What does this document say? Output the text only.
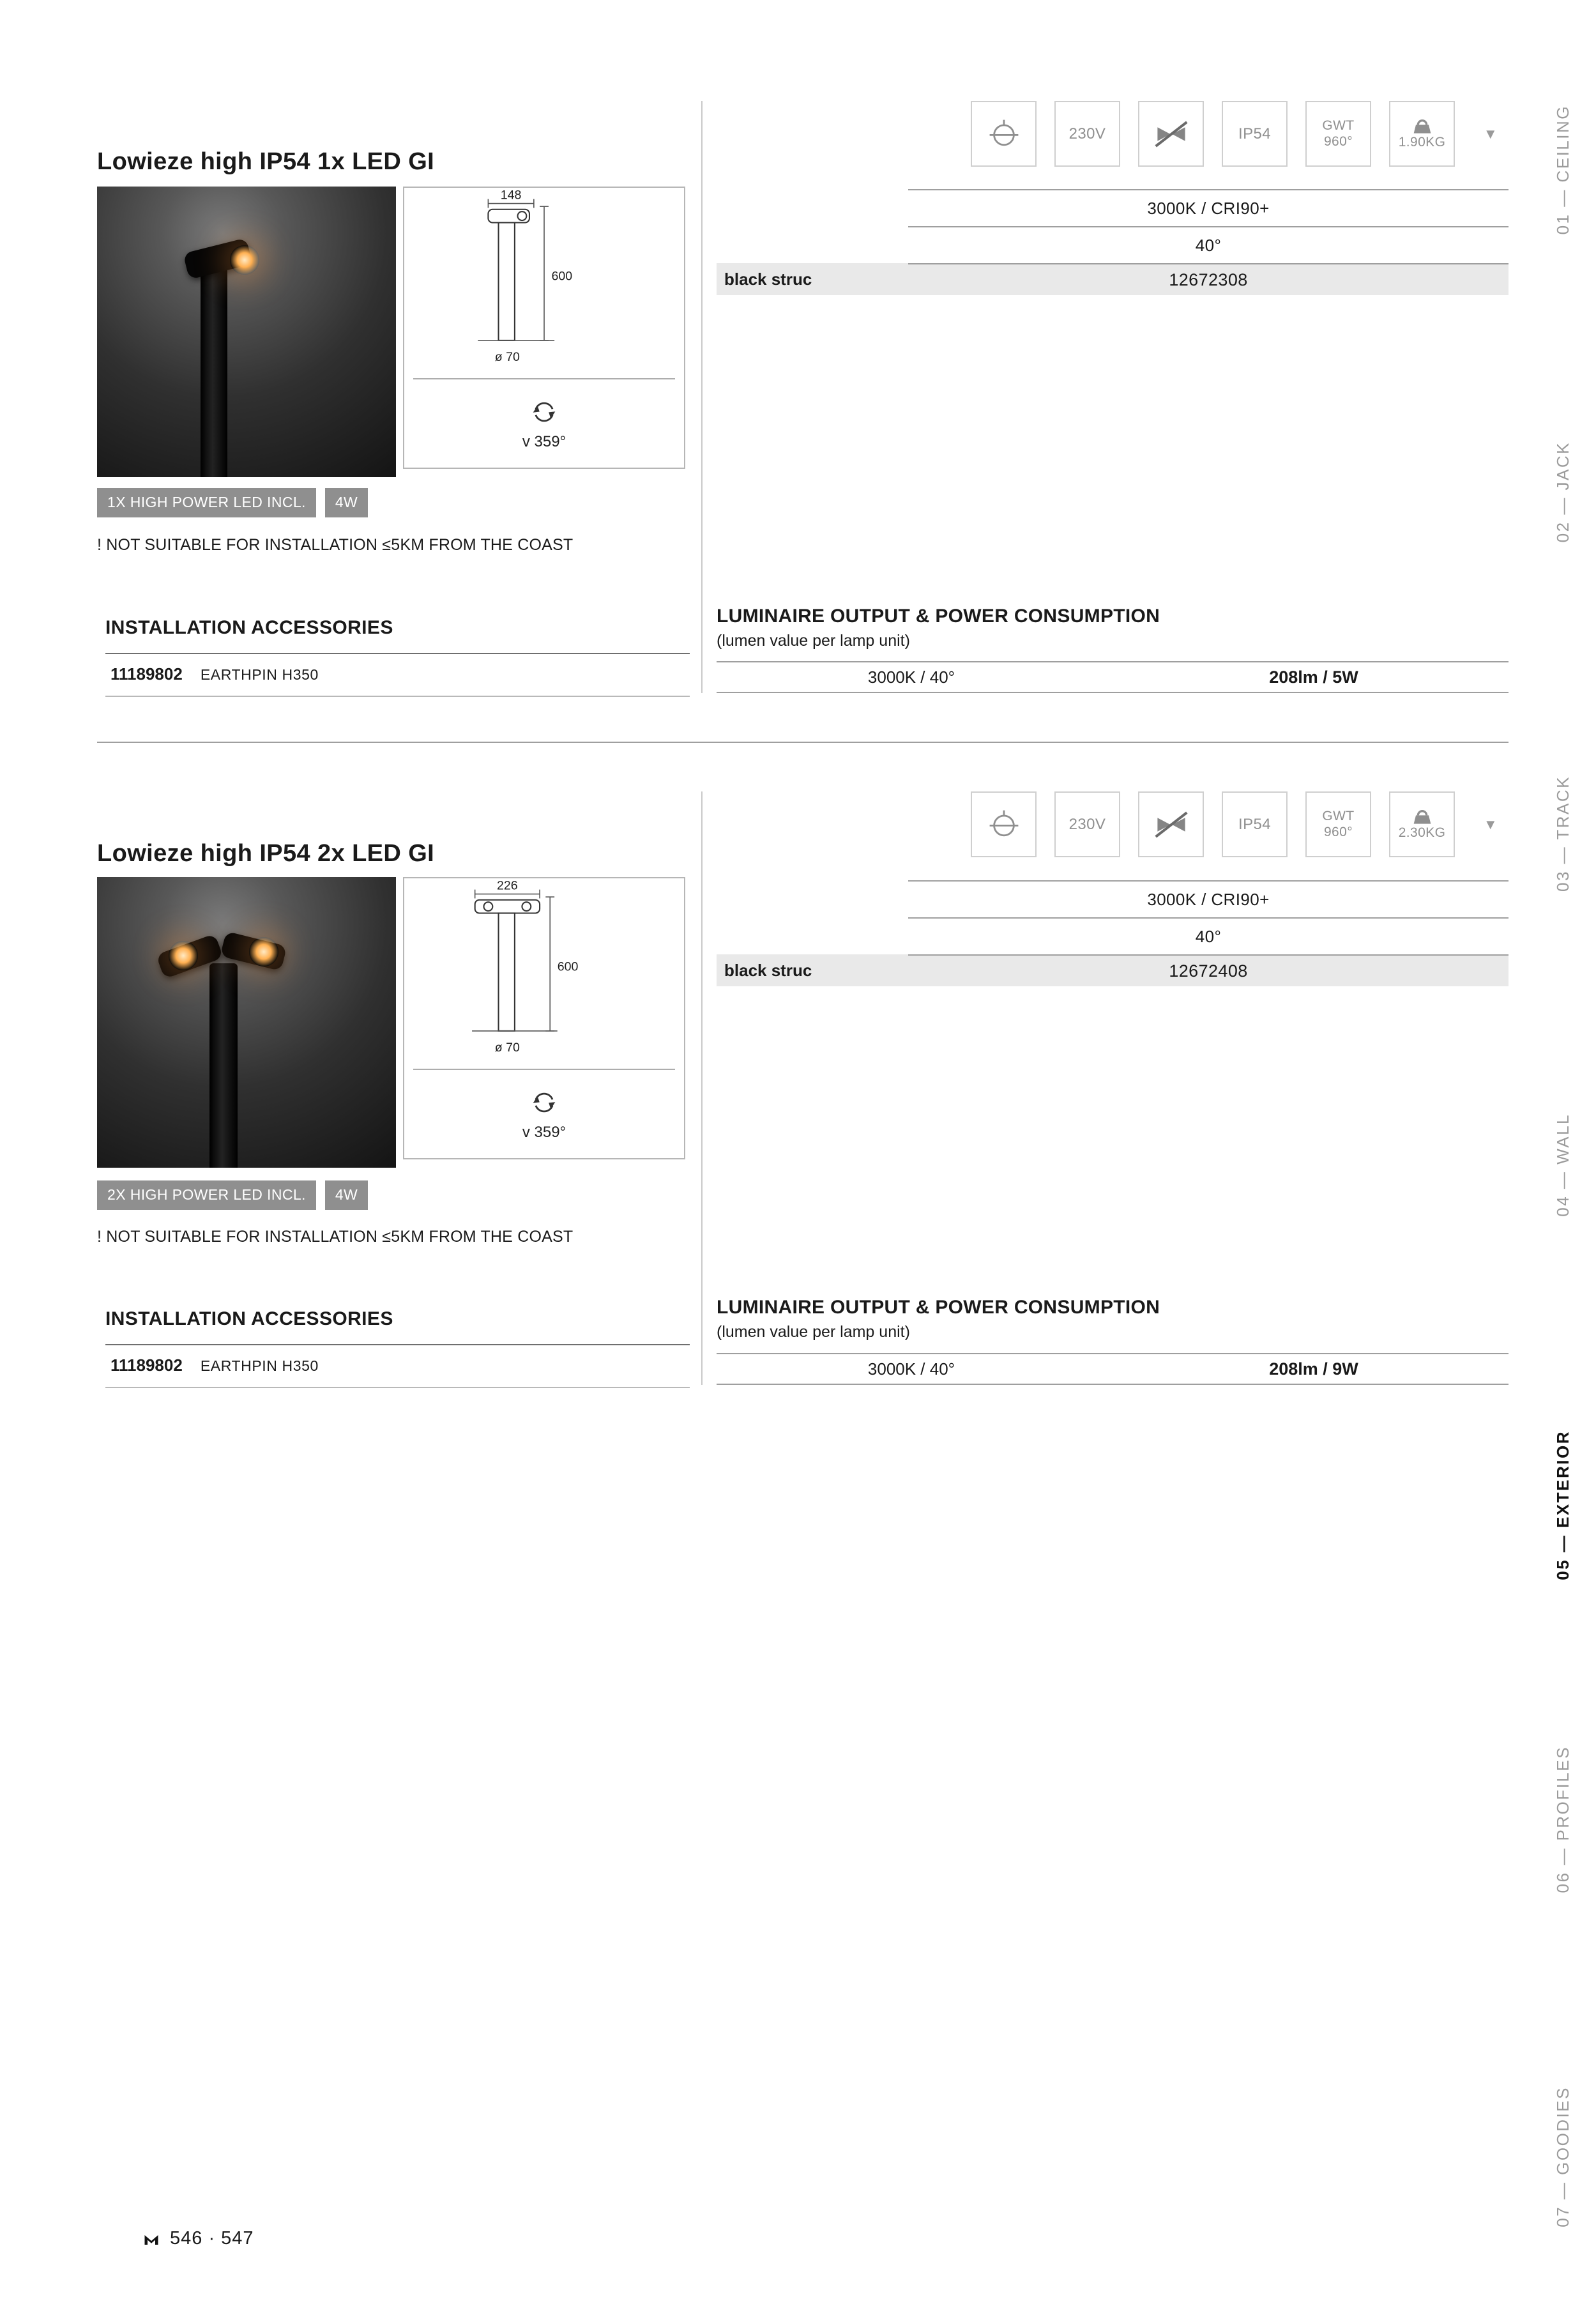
Lowieze high IP54 1x LED GI
148
600
ø 70
v 359°
1X HIGH POWER LED INCL.	4W
! NOT SUITABLE FOR INSTALLATION ≤5KM FROM THE COAST
INSTALLATION ACCESSORIES
11189802 EARTHPIN H350
230V	IP54	GWT
960°	1.90KG
▼
3000K / CRI90+
40°
black struc	12672308
LUMINAIRE OUTPUT & POWER CONSUMPTION
(lumen value per lamp unit)
3000K / 40°	208lm / 5W
Lowieze high IP54 2x LED GI
226
600
ø 70
v 359°
2X HIGH POWER LED INCL.	4W
! NOT SUITABLE FOR INSTALLATION ≤5KM FROM THE COAST
INSTALLATION ACCESSORIES
11189802 EARTHPIN H350
230V	IP54	GWT
960°	2.30KG
▼
3000K / CRI90+
40°
black struc	12672408
LUMINAIRE OUTPUT & POWER CONSUMPTION
(lumen value per lamp unit)
3000K / 40°	208lm / 9W
01 — CEILING
02 — JACK
03 — TRACK
04 — WALL
05 — EXTERIOR
06 — PROFILES
07 — GOODIES
546 · 547
